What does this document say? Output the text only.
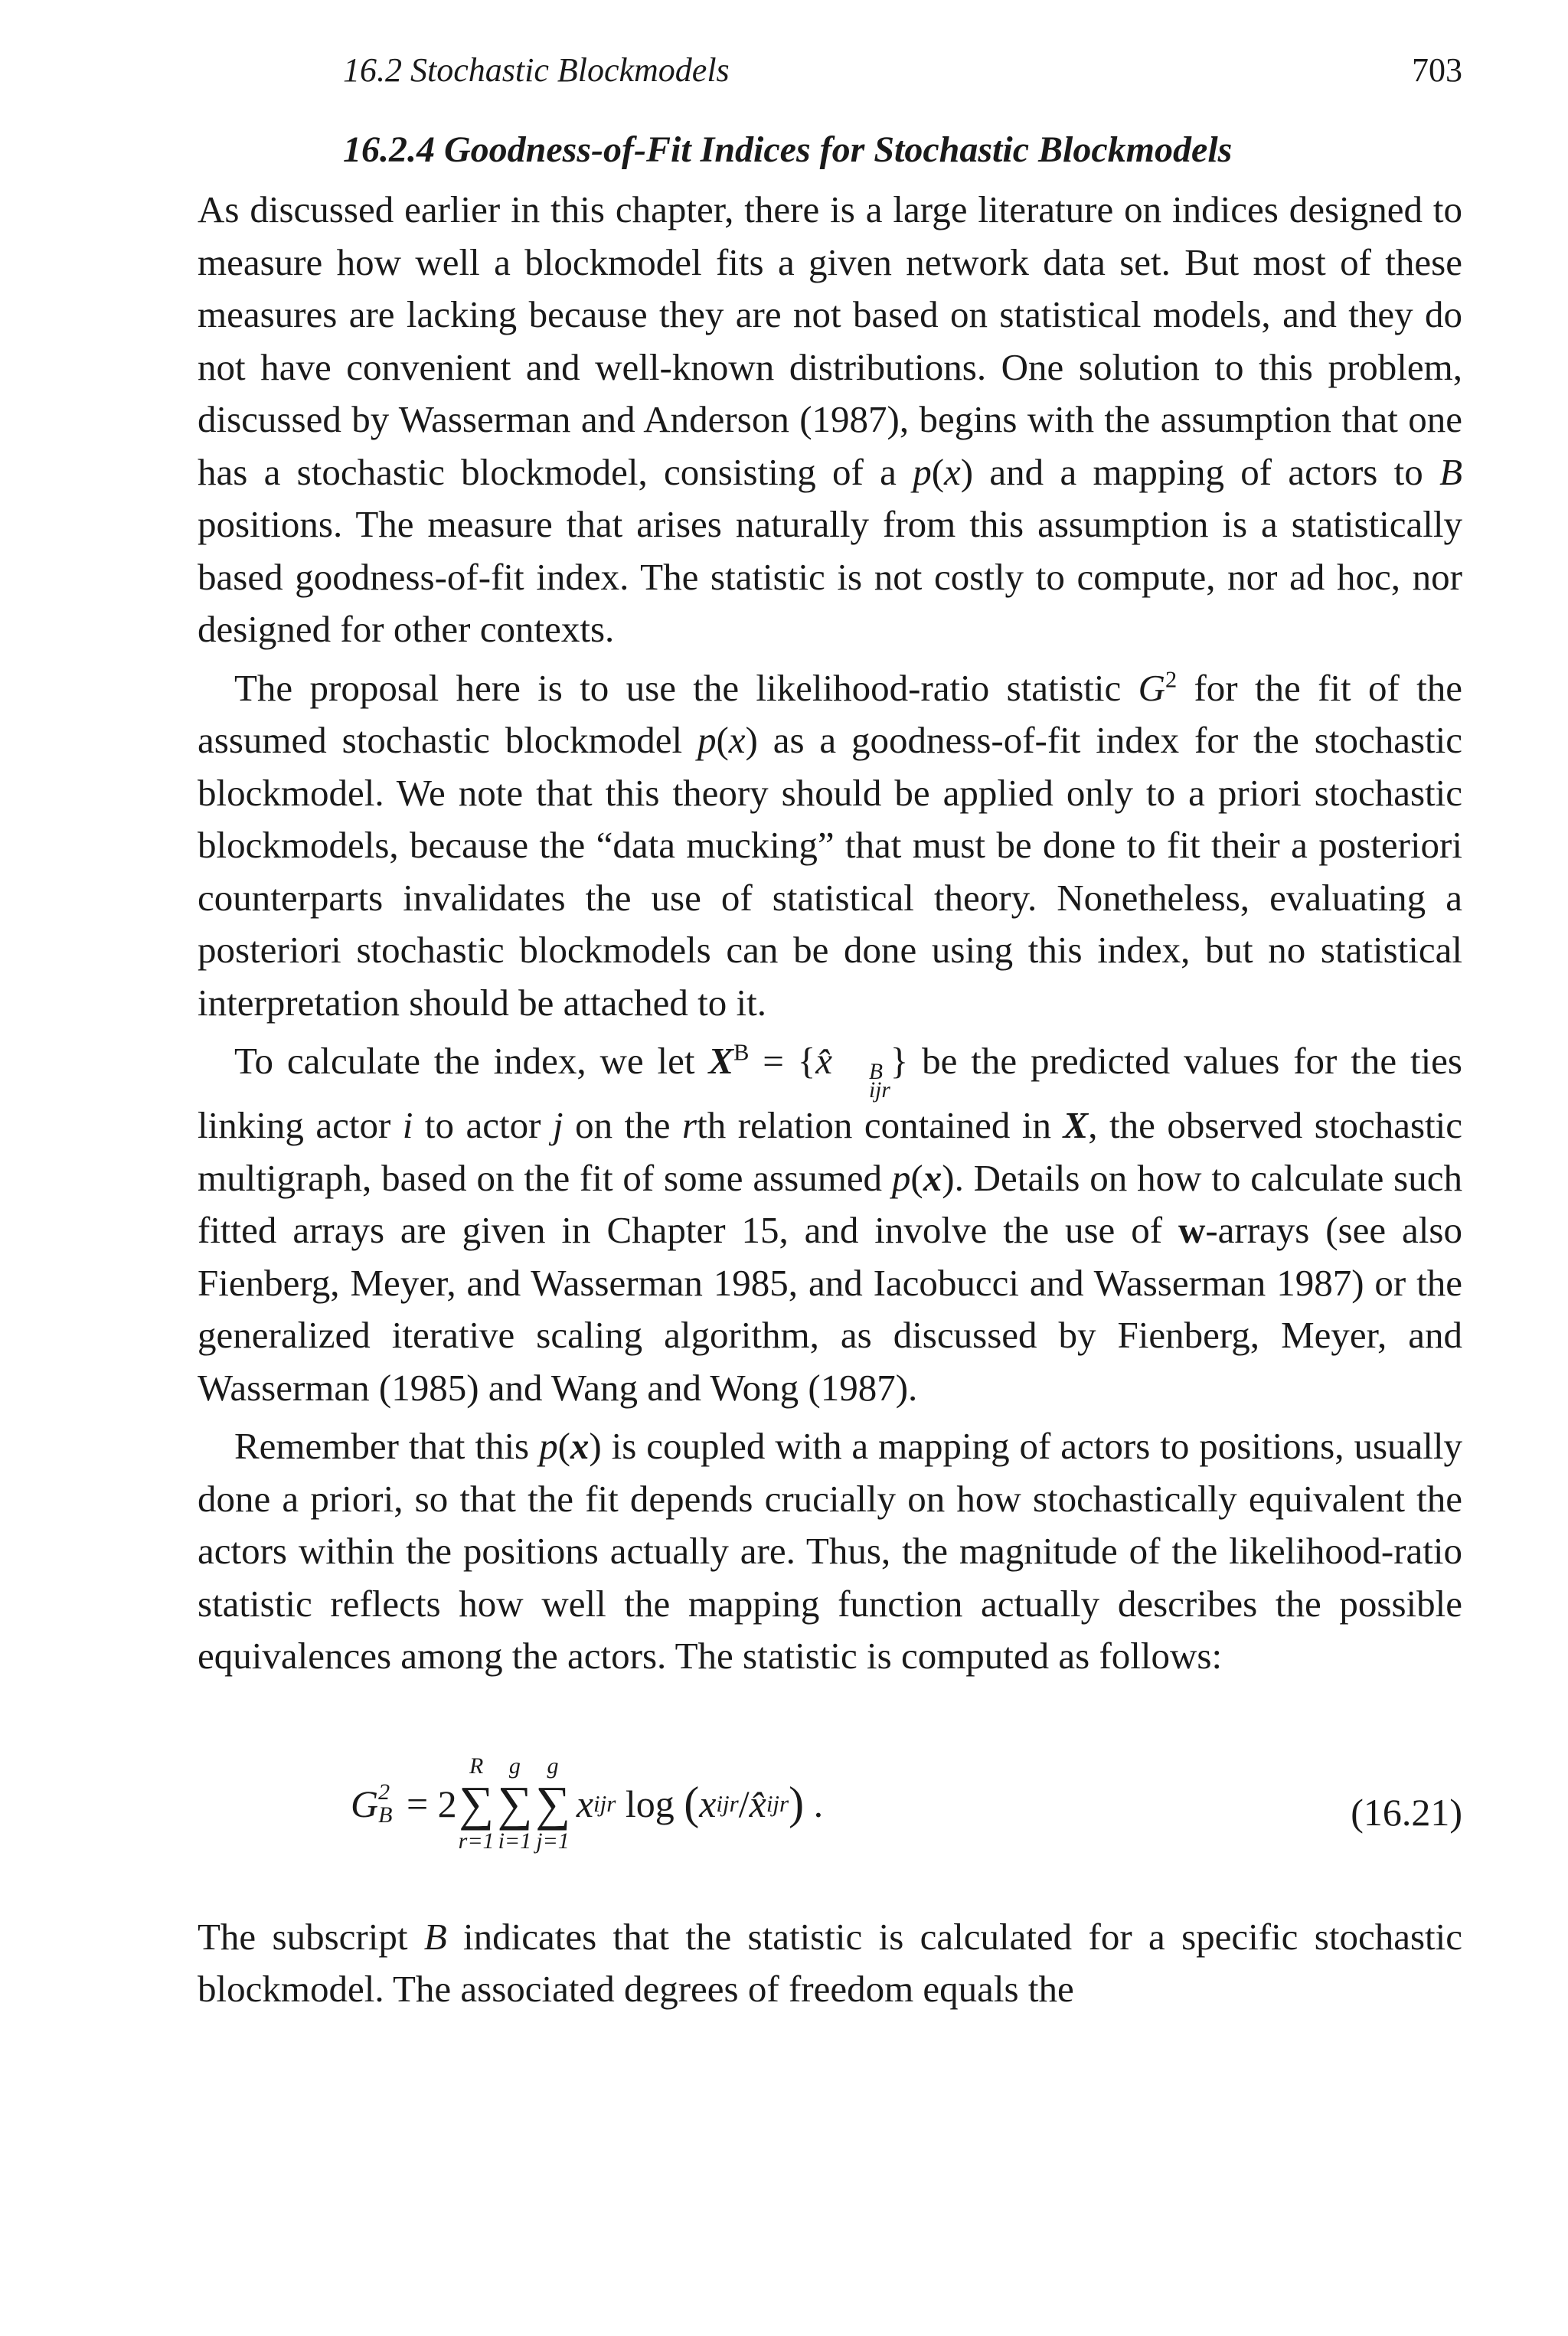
16.2 Stochastic Blockmodels	703
16.2.4 Goodness-of-Fit Indices for Stochastic Blockmodels

As discussed earlier in this chapter, there is a large literature on indices designed to measure how well a blockmodel fits a given network data set. But most of these measures are lacking because they are not based on statistical models, and they do not have convenient and well-known distributions. One solution to this problem, discussed by Wasserman and Anderson (1987), begins with the assumption that one has a stochastic blockmodel, consisting of a p(x) and a mapping of actors to B positions. The measure that arises naturally from this assumption is a statistically based goodness-of-fit index. The statistic is not costly to compute, nor ad hoc, nor designed for other contexts.

The proposal here is to use the likelihood-ratio statistic $G^2$ for the fit of the assumed stochastic blockmodel p(x) as a goodness-of-fit index for the stochastic blockmodel. We note that this theory should be applied only to a priori stochastic blockmodels, because the “data mucking” that must be done to fit their a posteriori counterparts invalidates the use of statistical theory. Nonetheless, evaluating a posteriori stochastic blockmodels can be done using this index, but no statistical interpretation should be attached to it.

To calculate the index, we let $X^B$ = {x̂	B
ijr
} be the predicted values for the ties linking actor i to actor j on the rth relation contained in X, the observed stochastic multigraph, based on the fit of some assumed p(x). Details on how to calculate such fitted arrays are given in Chapter 15, and involve the use of w-arrays (see also Fienberg, Meyer, and Wasserman 1985, and Iacobucci and Wasserman 1987) or the generalized iterative scaling algorithm, as discussed by Fienberg, Meyer, and Wasserman (1985) and Wang and Wong (1987).

Remember that this p(x) is coupled with a mapping of actors to positions, usually done a priori, so that the fit depends crucially on how stochastically equivalent the actors within the positions actually are. Thus, the magnitude of the likelihood-ratio statistic reflects how well the mapping function actually describes the possible equivalences among the actors. The statistic is computed as follows:

G 2
B = 2
R
∑
r=1
g
∑
i=1
g
∑
j=1
x ijr log ( x ijr / x̂ ijr ) .	(16.21)

The subscript B indicates that the statistic is calculated for a specific stochastic blockmodel. The associated degrees of freedom equals the
